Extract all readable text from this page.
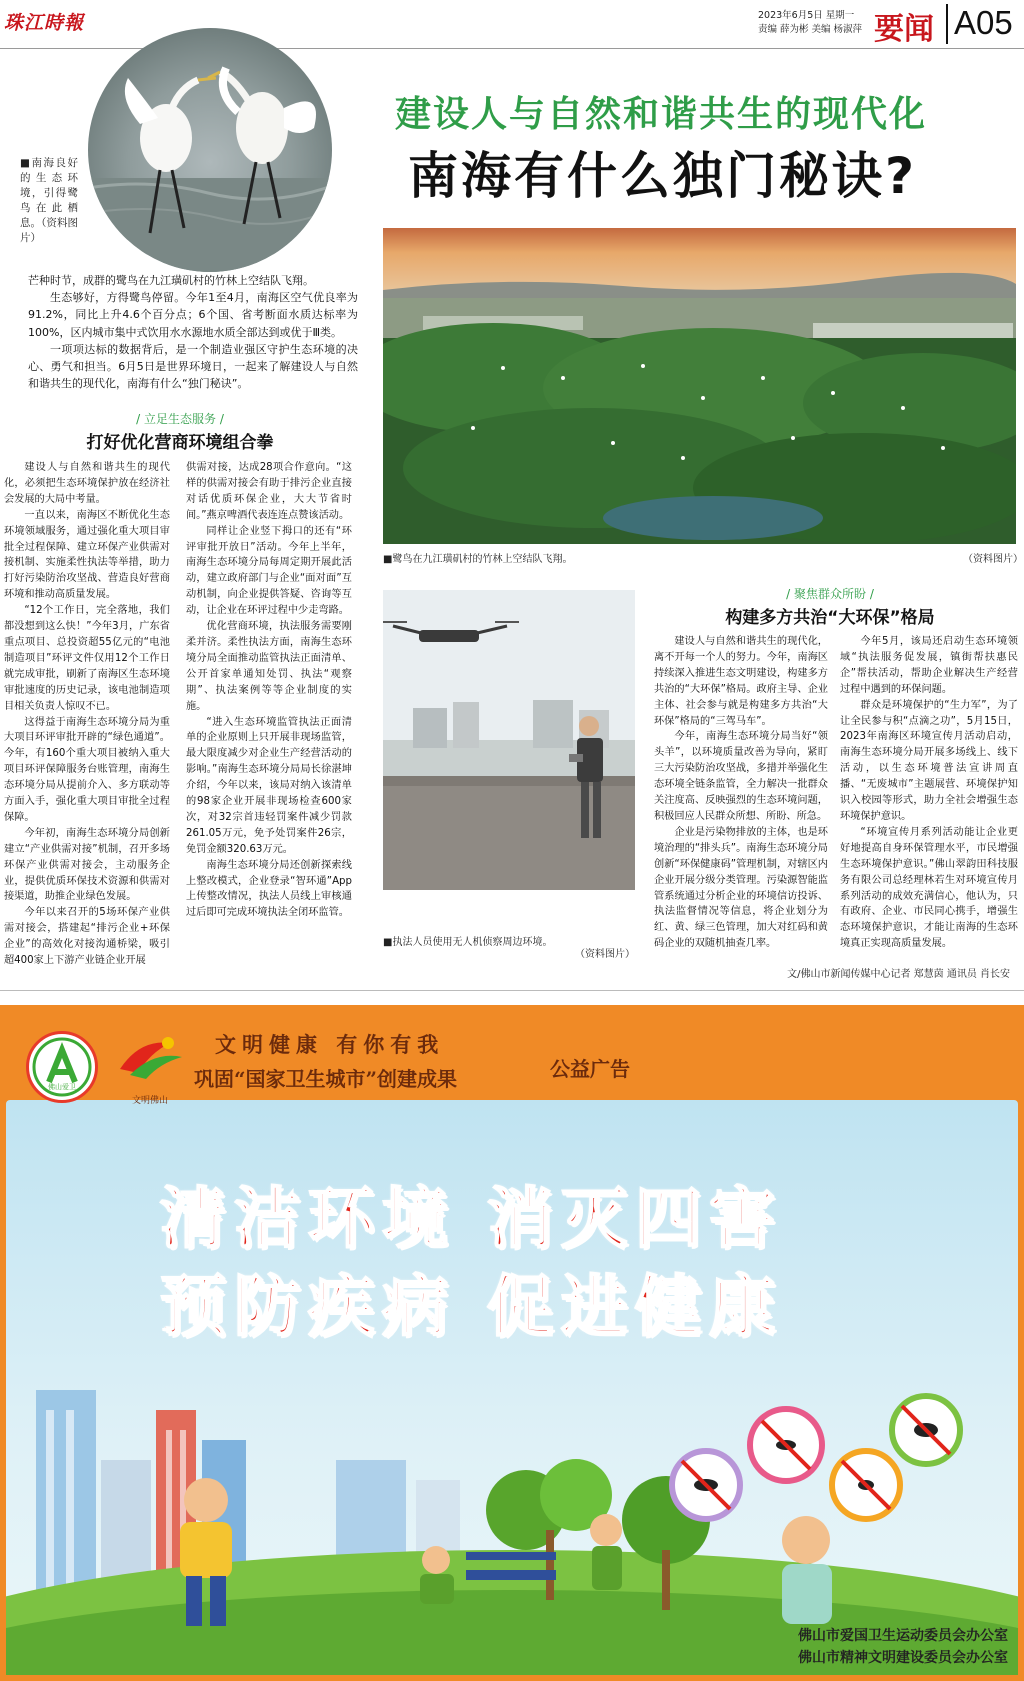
珠江時報	2023年6月5日 星期一
责编 薛为彬 美编 杨淑萍 要闻 A05
■南海良好的生态环境，引得鹭鸟在此栖息。（资料图片）
建设人与自然和谐共生的现代化
南海有什么独门秘诀?
■鹭鸟在九江璜矶村的竹林上空结队飞翔。	（资料图片）

芒种时节，成群的鹭鸟在九江璜矶村的竹林上空结队飞翔。

生态够好，方得鹭鸟停留。今年1至4月，南海区空气优良率为91.2%，同比上升4.6个百分点；6个国、省考断面水质达标率为100%，区内城市集中式饮用水水源地水质全部达到或优于Ⅲ类。

一项项达标的数据背后，是一个制造业强区守护生态环境的决心、勇气和担当。6月5日是世界环境日，一起来了解建设人与自然和谐共生的现代化，南海有什么“独门秘诀”。

/ 立足生态服务 /
打好优化营商环境组合拳

建设人与自然和谐共生的现代化，必须把生态环境保护放在经济社会发展的大局中考量。

一直以来，南海区不断优化生态环境领域服务，通过强化重大项目审批全过程保障、建立环保产业供需对接机制、实施柔性执法等举措，助力打好污染防治攻坚战、营造良好营商环境和推动高质量发展。

“12个工作日，完全落地，我们都没想到这么快！”今年3月，广东省重点项目、总投资超55亿元的“电池制造项目”环评文件仅用12个工作日就完成审批，刷新了南海区生态环境审批速度的历史记录，该电池制造项目相关负责人惊叹不已。

这得益于南海生态环境分局为重大项目环评审批开辟的“绿色通道”。今年，有160个重大项目被纳入重大项目环评保障服务台账管理，南海生态环境分局从提前介入、多方联动等方面入手，强化重大项目审批全过程保障。

今年初，南海生态环境分局创新建立“产业供需对接”机制，召开多场环保产业供需对接会，主动服务企业，提供优质环保技术资源和供需对接渠道，助推企业绿色发展。

今年以来召开的5场环保产业供需对接会，搭建起“排污企业+环保企业”的高效化对接沟通桥梁，吸引超400家上下游产业链企业开展

供需对接，达成28项合作意向。“这样的供需对接会有助于排污企业直接对话优质环保企业，大大节省时间。”燕京啤酒代表连连点赞该活动。

同样让企业竖下拇口的还有“环评审批开放日”活动。今年上半年，南海生态环境分局每周定期开展此活动，建立政府部门与企业“面对面”互动机制，向企业提供答疑、咨询等互动，让企业在环评过程中少走弯路。

优化营商环境，执法服务需要刚柔并济。柔性执法方面，南海生态环境分局全面推动监管执法正面清单、公开首家单通知处罚、执法“观察期”、执法案例等等企业制度的实施。

“进入生态环境监管执法正面清单的企业原则上只开展非现场监管，最大限度减少对企业生产经营活动的影响。”南海生态环境分局局长徐湛坤介绍，今年以来，该局对纳入该清单的98家企业开展非现场检查600家次，对32宗首违轻罚案件减少罚款261.05万元，免予处罚案件26宗，免罚金额320.63万元。

南海生态环境分局还创新探索线上整改模式，企业登录“智环通”App上传整改情况，执法人员线上审核通过后即可完成环境执法全闭环监管。

■执法人员使用无人机侦察周边环境。
（资料图片）
/ 聚焦群众所盼 /
构建多方共治“大环保”格局

建设人与自然和谐共生的现代化，离不开每一个人的努力。今年，南海区持续深入推进生态文明建设，构建多方共治的“大环保”格局。政府主导、企业主体、社会参与就是构建多方共治“大环保”格局的“三驾马车”。

今年，南海生态环境分局当好“领头羊”，以环境质量改善为导向，紧盯三大污染防治攻坚战，多措并举强化生态环境全链条监管，全力解决一批群众关注度高、反映强烈的生态环境问题，积极回应人民群众所想、所盼、所急。

企业是污染物排放的主体，也是环境治理的“排头兵”。南海生态环境分局创新“环保健康码”管理机制，对辖区内企业开展分级分类管理。污染源智能监管系统通过分析企业的环境信访投诉、执法监督情况等信息，将企业划分为红、黄、绿三色管理，加大对红码和黄码企业的双随机抽查几率。

今年5月，该局还启动生态环境领域“执法服务促发展，镇街帮扶惠民企”帮扶活动，帮助企业解决生产经营过程中遇到的环保问题。

群众是环境保护的“生力军”，为了让全民参与积“点滴之功”，5月15日，2023年南海区环境宣传月活动启动，南海生态环境分局开展多场线上、线下活动，以生态环境普法宣讲周直播、“无废城市”主题展营、环境保护知识入校园等形式，助力全社会增强生态环境保护意识。

“环境宣传月系列活动能让企业更好地提高自身环保管理水平，市民增强生态环境保护意识。”佛山翠韵田科技服务有限公司总经理林若生对环境宣传月系列活动的成效充满信心，他认为，只有政府、企业、市民同心携手，增强生态环境保护意识，才能让南海的生态环境真正实现高质量发展。

文/佛山市新闻传媒中心记者 郑慧茵 通讯员 肖长安
佛山爱卫
文明佛山
文明健康 有你有我
巩固“国家卫生城市”创建成果	公益广告
清洁环境 消灭四害
预防疾病 促进健康
佛山市爱国卫生运动委员会办公室
佛山市精神文明建设委员会办公室
